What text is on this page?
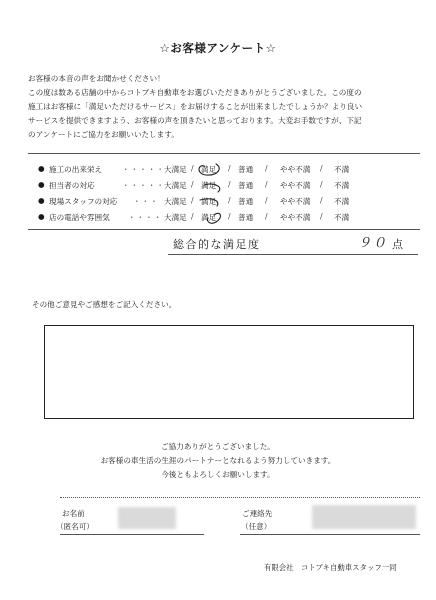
☆お客様アンケート☆
お客様の本音の声をお聞かせください！
この度は数ある店舗の中からコトブキ自動車をお選びいただきありがとうございました。この度の
施工はお客様に「満足いただけるサービス」をお届けすることが出来ましたでしょうか？より良い
サービスを提供できますよう、お客様の声を頂きたいと思っております。大変お手数ですが、下記
のアンケートにご協力をお願いいたします。
● 施工の出来栄え	・・・・・ 大満足 / 満足 / 普通 / やや不満 / 不満
● 担当者の対応	・・・・・ 大満足 / 満足 / 普通 / やや不満 / 不満
● 現場スタッフの対応 ・・・ 大満足 / 満足 / 普通 / やや不満 / 不満
● 店の電話や雰囲気 ・・・・ 大満足 / 満足 / 普通 / やや不満 / 不満
総合的な満足度	９０ 点
その他ご意見やご感想をご記入ください。
ご協力ありがとうございました。
お客様の車生活の生涯のパートナーとなれるよう努力していきます。
今後ともよろしくお願いします。
お名前
（匿名可）
ご連絡先
（任意）
有限会社　コトブキ自動車スタッフ一同
